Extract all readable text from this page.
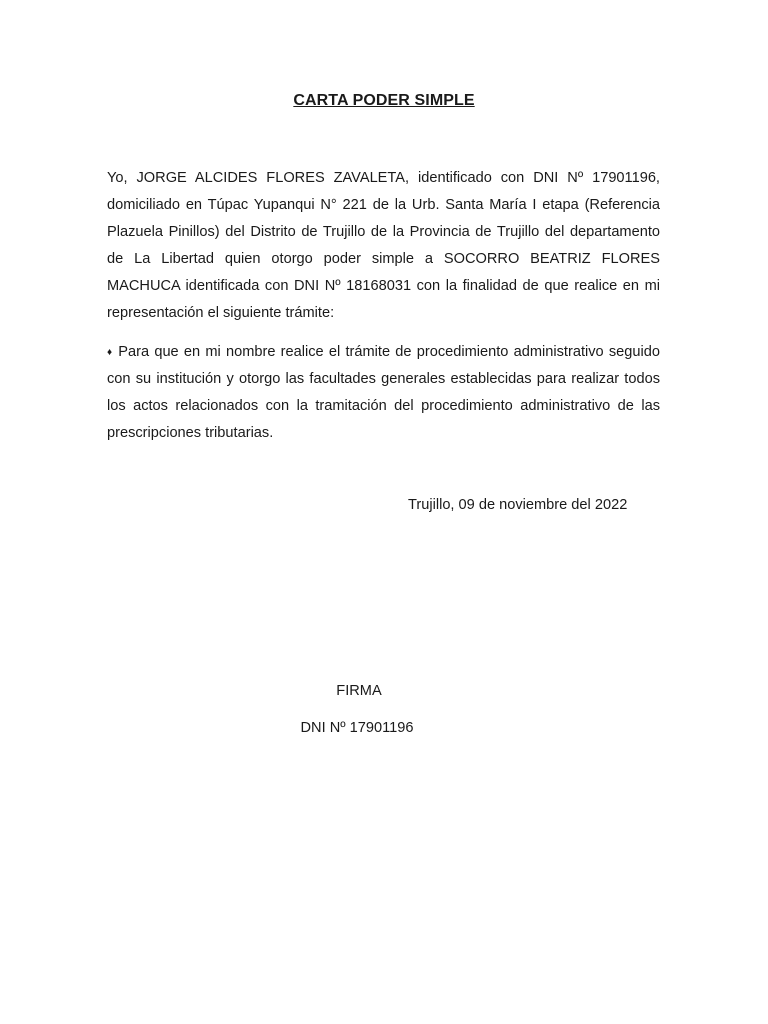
CARTA PODER SIMPLE

Yo, JORGE ALCIDES FLORES ZAVALETA, identificado con DNI Nº 17901196, domiciliado en Túpac Yupanqui N° 221 de la Urb. Santa María I etapa (Referencia Plazuela Pinillos) del Distrito de Trujillo de la Provincia de Trujillo del departamento de La Libertad quien otorgo poder simple a SOCORRO BEATRIZ FLORES MACHUCA identificada con DNI Nº 18168031 con la finalidad de que realice en mi representación el siguiente trámite:

♦ Para que en mi nombre realice el trámite de procedimiento administrativo seguido con su institución y otorgo las facultades generales establecidas para realizar todos los actos relacionados con la tramitación del procedimiento administrativo de las prescripciones tributarias.

Trujillo, 09 de noviembre del 2022
FIRMA
DNI Nº 17901196
